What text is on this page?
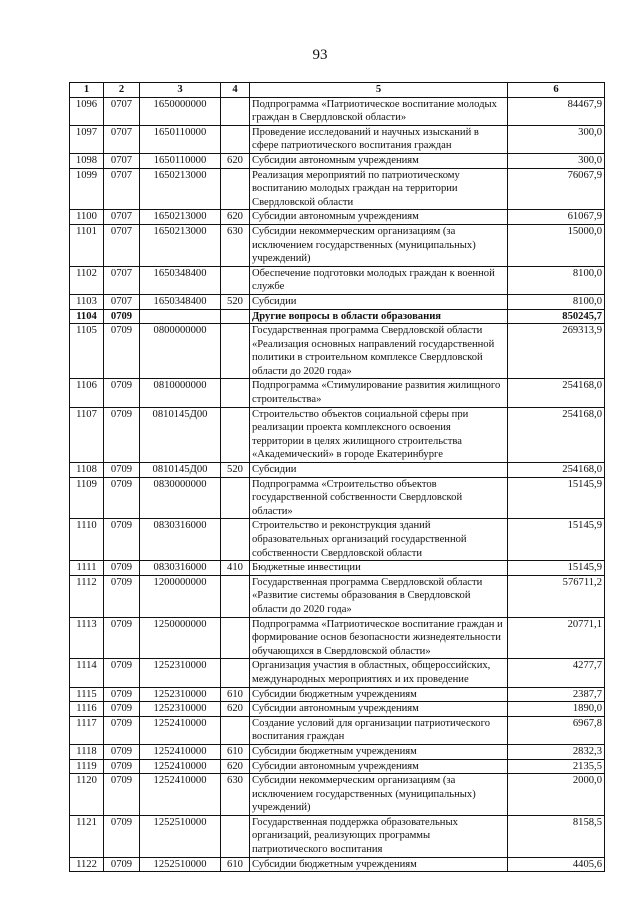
93
1	2	3	4	5	6
1096	0707	1650000000		Подпрограмма «Патриотическое воспитание молодых граждан в Свердловской области»	84467,9
1097	0707	1650110000		Проведение исследований и научных изысканий в сфере патриотического воспитания граждан	300,0
1098	0707	1650110000	620	Субсидии автономным учреждениям	300,0
1099	0707	1650213000		Реализация мероприятий по патриотическому воспитанию молодых граждан на территории Свердловской области	76067,9
1100	0707	1650213000	620	Субсидии автономным учреждениям	61067,9
1101	0707	1650213000	630	Субсидии некоммерческим организациям (за исключением государственных (муниципальных) учреждений)	15000,0
1102	0707	1650348400		Обеспечение подготовки молодых граждан к военной службе	8100,0
1103	0707	1650348400	520	Субсидии	8100,0
1104	0709			Другие вопросы в области образования	850245,7
1105	0709	0800000000		Государственная программа Свердловской области «Реализация основных направлений государственной политики в строительном комплексе Свердловской области до 2020 года»	269313,9
1106	0709	0810000000		Подпрограмма «Стимулирование развития жилищного строительства»	254168,0
1107	0709	0810145Д00		Строительство объектов социальной сферы при реализации проекта комплексного освоения территории в целях жилищного строительства «Академический» в городе Екатеринбурге	254168,0
1108	0709	0810145Д00	520	Субсидии	254168,0
1109	0709	0830000000		Подпрограмма «Строительство объектов государственной собственности Свердловской области»	15145,9
1110	0709	0830316000		Строительство и реконструкция зданий образовательных организаций государственной собственности Свердловской области	15145,9
1111	0709	0830316000	410	Бюджетные инвестиции	15145,9
1112	0709	1200000000		Государственная программа Свердловской области «Развитие системы образования в Свердловской области до 2020 года»	576711,2
1113	0709	1250000000		Подпрограмма «Патриотическое воспитание граждан и формирование основ безопасности жизнедеятельности обучающихся в Свердловской области»	20771,1
1114	0709	1252310000		Организация участия в областных, общероссийских, международных мероприятиях и их проведение	4277,7
1115	0709	1252310000	610	Субсидии бюджетным учреждениям	2387,7
1116	0709	1252310000	620	Субсидии автономным учреждениям	1890,0
1117	0709	1252410000		Создание условий для организации патриотического воспитания граждан	6967,8
1118	0709	1252410000	610	Субсидии бюджетным учреждениям	2832,3
1119	0709	1252410000	620	Субсидии автономным учреждениям	2135,5
1120	0709	1252410000	630	Субсидии некоммерческим организациям (за исключением государственных (муниципальных) учреждений)	2000,0
1121	0709	1252510000		Государственная поддержка образовательных организаций, реализующих программы патриотического воспитания	8158,5
1122	0709	1252510000	610	Субсидии бюджетным учреждениям	4405,6
